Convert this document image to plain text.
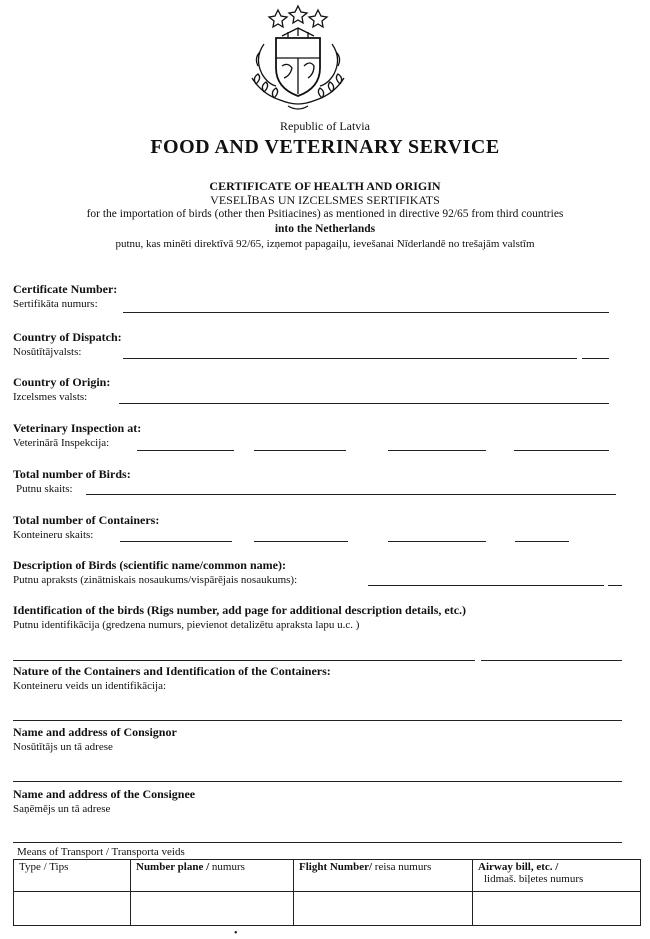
Republic of Latvia
FOOD AND VETERINARY SERVICE
CERTIFICATE OF HEALTH AND ORIGIN
VESELĪBAS UN IZCELSMES SERTIFIKATS
for the importation of birds (other then Psitiacines) as mentioned in directive 92/65 from third countries
into the Netherlands
putnu, kas minēti direktīvā 92/65, izņemot papagaiļu, ievešanai Nīderlandē no trešajām valstīm
Certificate Number:
Sertifikāta numurs:
Country of Dispatch:
Nosūtītājvalsts:
Country of Origin:
Izcelsmes valsts:
Veterinary Inspection at:
Veterinārā Inspekcija:
Total number of Birds:
Putnu skaits:
Total number of Containers:
Konteineru skaits:
Description of Birds (scientific name/common name):
Putnu apraksts (zinātniskais nosaukums/vispārējais nosaukums):
Identification of the birds (Rigs number, add page for additional description details, etc.)
Putnu identifikācija (gredzena numurs, pievienot detalizētu apraksta lapu u.c. )
Nature of the Containers and Identification of the Containers:
Konteineru veids un identifikācija:
Name and address of Consignor
Nosūtītājs un tā adrese
Name and address of the Consignee
Saņēmējs un tā adrese
Means of Transport / Transporta veids
Type / Tips	Number plane / numurs	Flight Number/ reisa numurs	Airway bill, etc. /
lidmaš. biļetes numurs

•
